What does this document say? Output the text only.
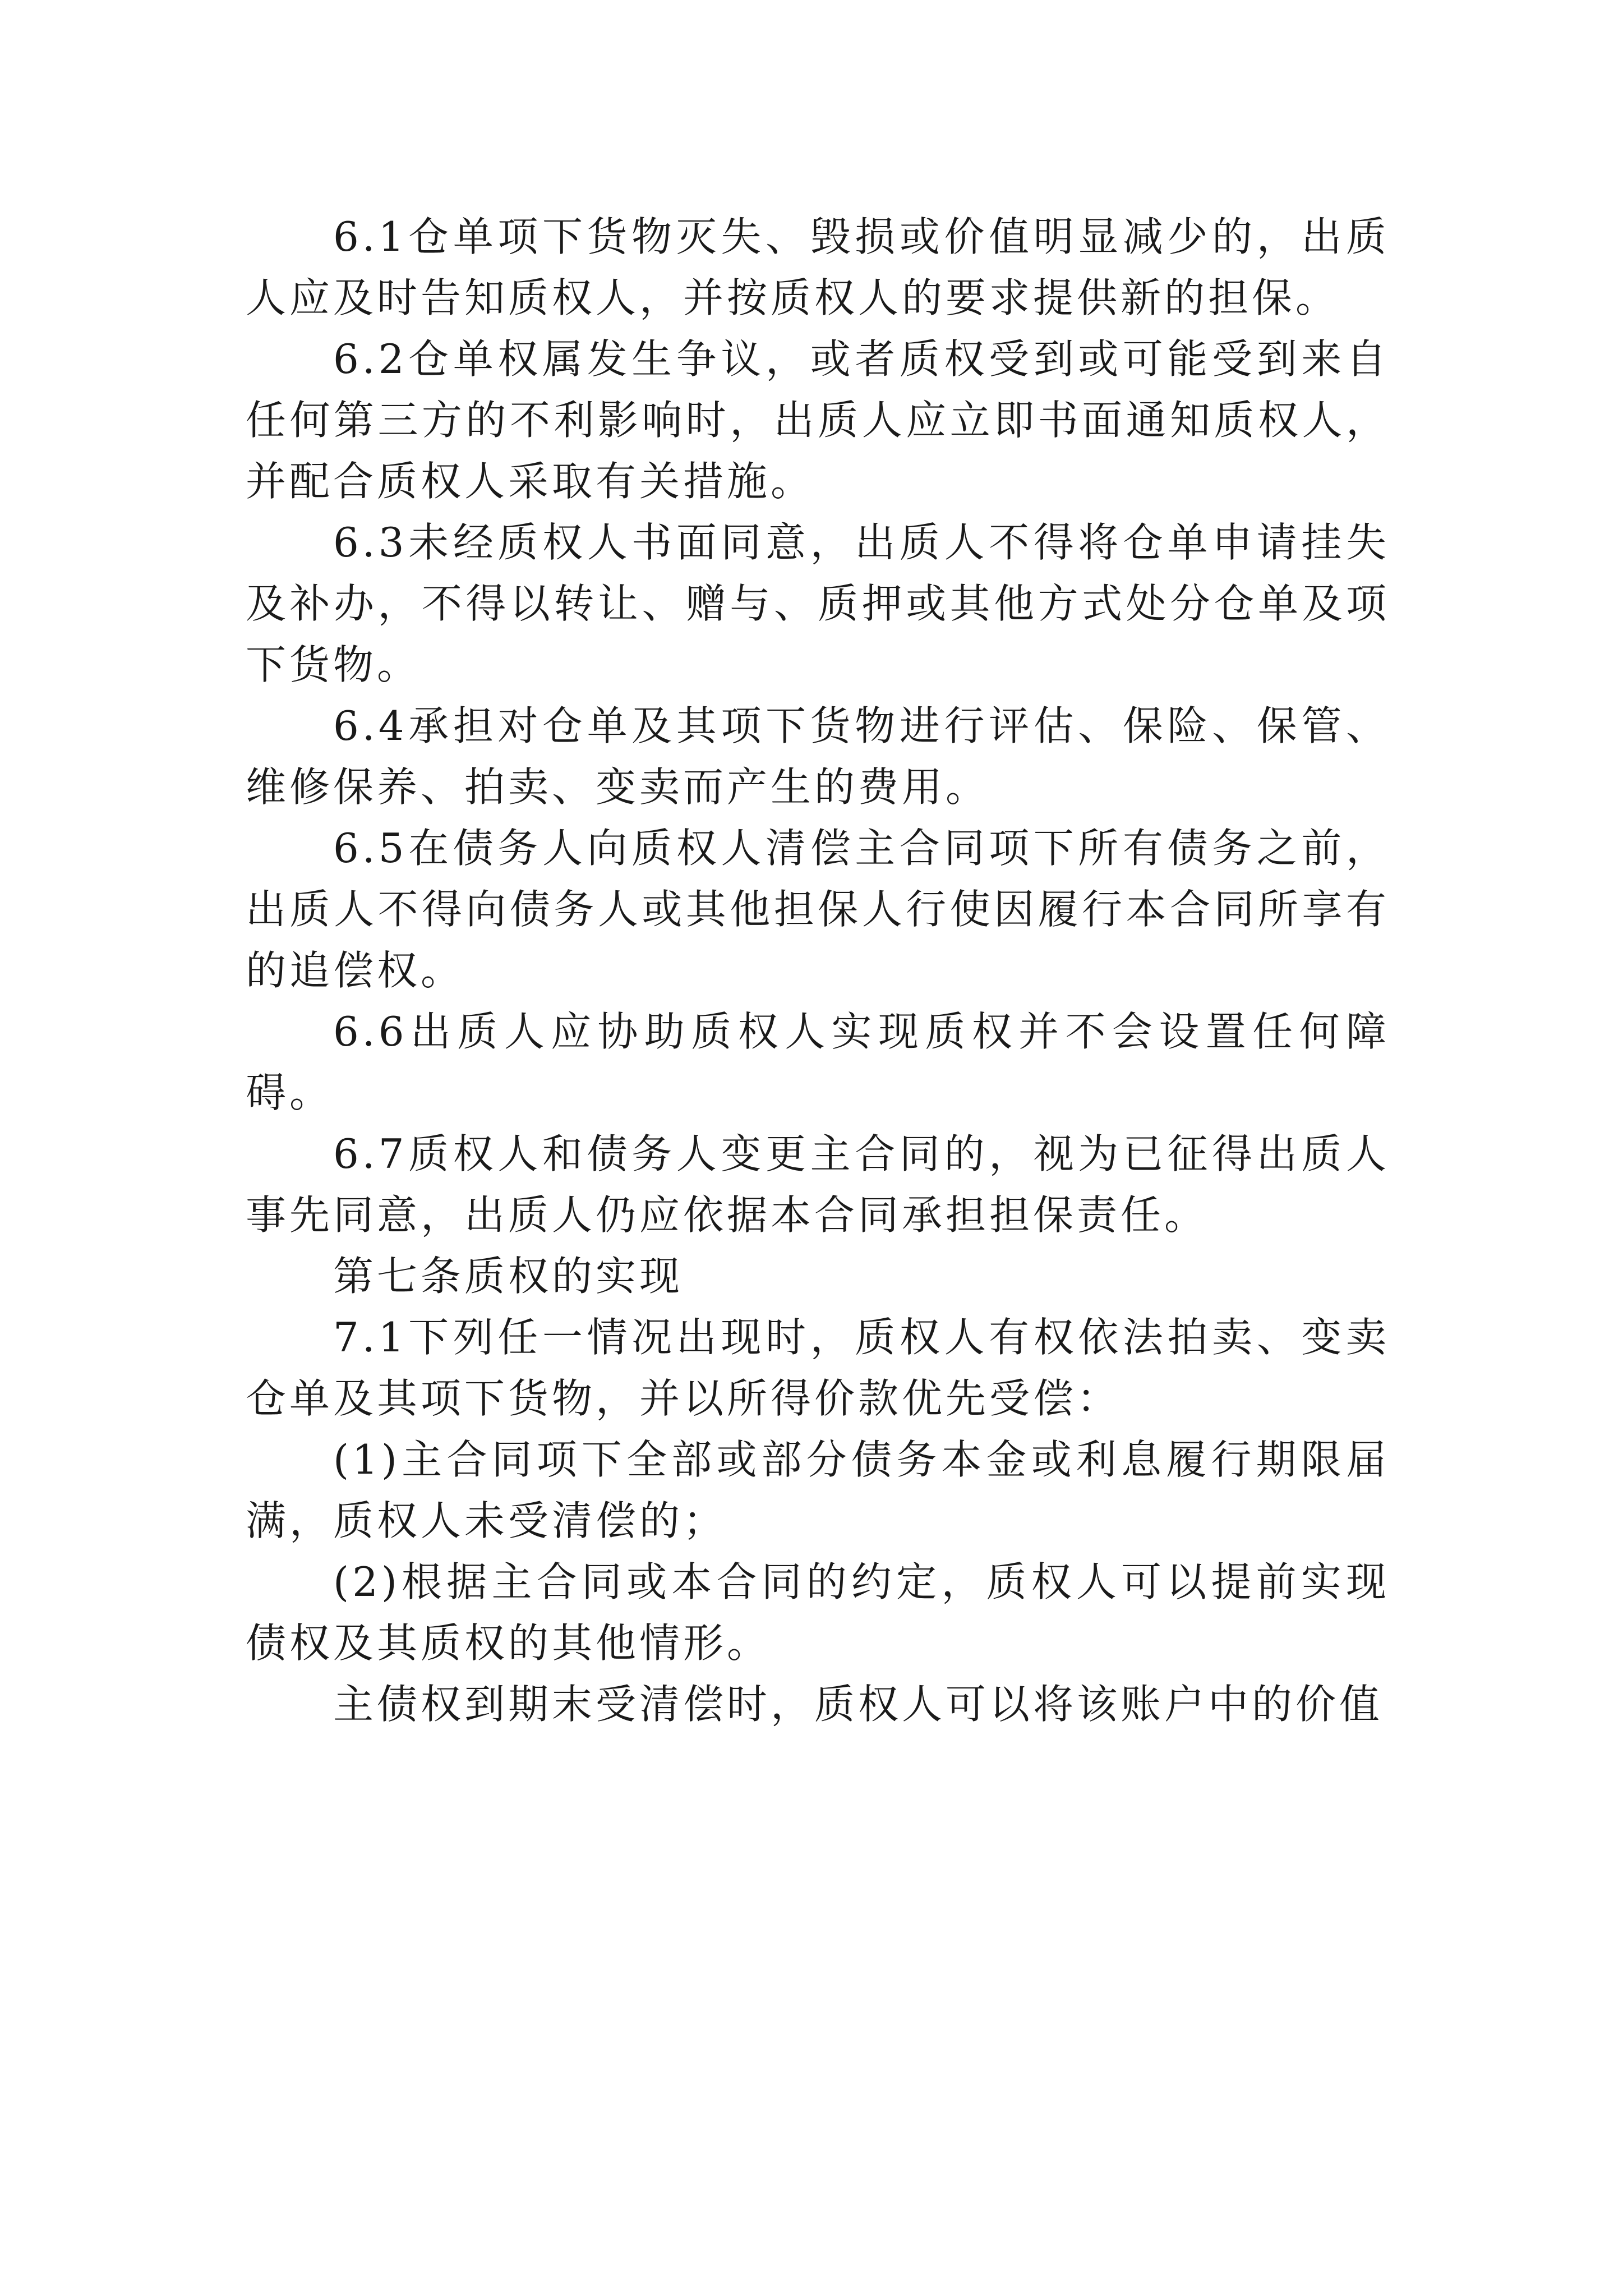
6.1仓单项下货物灭失、毁损或价值明显减少的，出质人应及时告知质权人，并按质权人的要求提供新的担保。

6.2仓单权属发生争议，或者质权受到或可能受到来自任何第三方的不利影响时，出质人应立即书面通知质权人，并配合质权人采取有关措施。

6.3未经质权人书面同意，出质人不得将仓单申请挂失及补办，不得以转让、赠与、质押或其他方式处分仓单及项下货物。

6.4承担对仓单及其项下货物进行评估、保险、保管、维修保养、拍卖、变卖而产生的费用。

6.5在债务人向质权人清偿主合同项下所有债务之前，出质人不得向债务人或其他担保人行使因履行本合同所享有的追偿权。

6.6出质人应协助质权人实现质权并不会设置任何障碍。

6.7质权人和债务人变更主合同的，视为已征得出质人事先同意，出质人仍应依据本合同承担担保责任。

第七条质权的实现

7.1下列任一情况出现时，质权人有权依法拍卖、变卖仓单及其项下货物，并以所得价款优先受偿：

(1)主合同项下全部或部分债务本金或利息履行期限届满，质权人未受清偿的；

(2)根据主合同或本合同的约定，质权人可以提前实现债权及其质权的其他情形。

主债权到期末受清偿时，质权人可以将该账户中的价值
